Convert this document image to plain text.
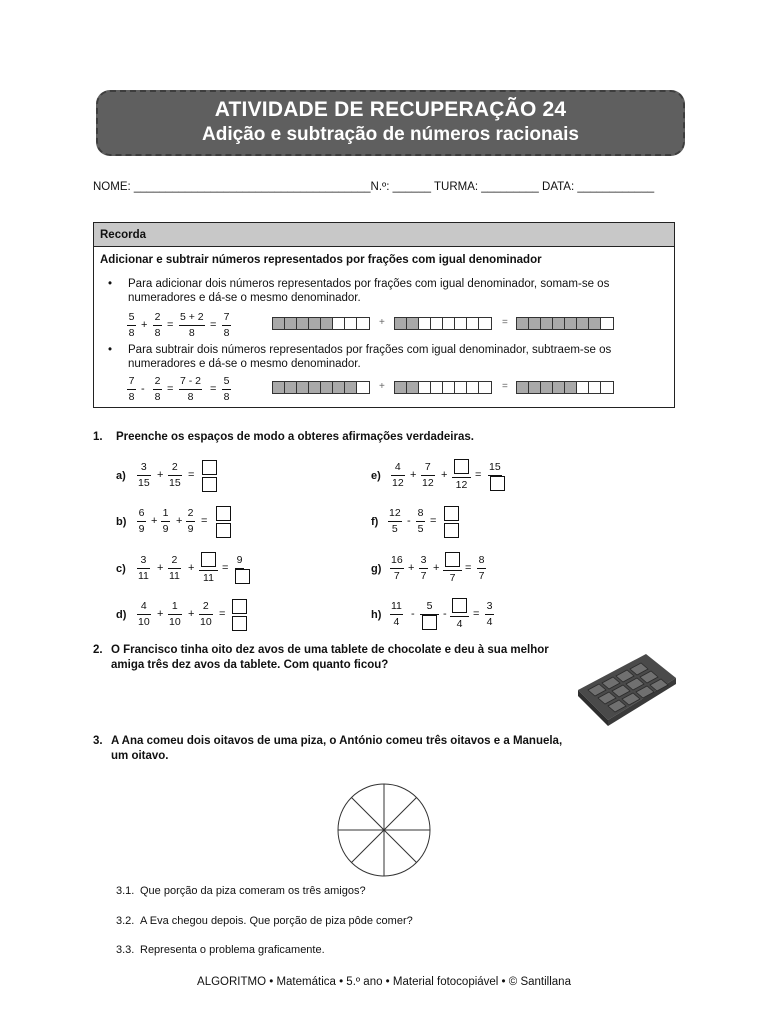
ATIVIDADE DE RECUPERAÇÃO 24
Adição e subtração de números racionais
NOME: _____________________________________N.º: ______ TURMA: _________ DATA: ____________
Recorda
Adicionar e subtrair números representados por frações com igual denominador
• Para adicionar dois números representados por frações com igual denominador, somam-se os numeradores e dá-se o mesmo denominador.
5
8
+
2
8
=
5 + 2
8
=
7
8
+	=
• Para subtrair dois números representados por frações com igual denominador, subtraem-se os numeradores e dá-se o mesmo denominador.
7
8
-
2
8
=
7 - 2
8
=
5
8
+	=
1. Preenche os espaços de modo a obteres afirmações verdadeiras.
a)
3
15
+
2
15
=
b)
6
9
+
1
9
+
2
9
=
c)
3
11
+
2
11
+
11
=
9
d)
4
10
+
1
10
+
2
10
=
e)
4
12
+
7
12
+
12
=
15
f)
12
5
-
8
5
=
g)
16
7
+
3
7
+
7
=
8
7
h)
11
4
-
5
-
4
=
3
4
2. O Francisco tinha oito dez avos de uma tablete de chocolate e deu à sua melhor amiga três dez avos da tablete. Com quanto ficou?
3. A Ana comeu dois oitavos de uma piza, o António comeu três oitavos e a Manuela, um oitavo.
3.1. Que porção da piza comeram os três amigos?
3.2. A Eva chegou depois. Que porção de piza pôde comer?
3.3. Representa o problema graficamente.
ALGORITMO • Matemática • 5.º ano • Material fotocopiável • © Santillana
